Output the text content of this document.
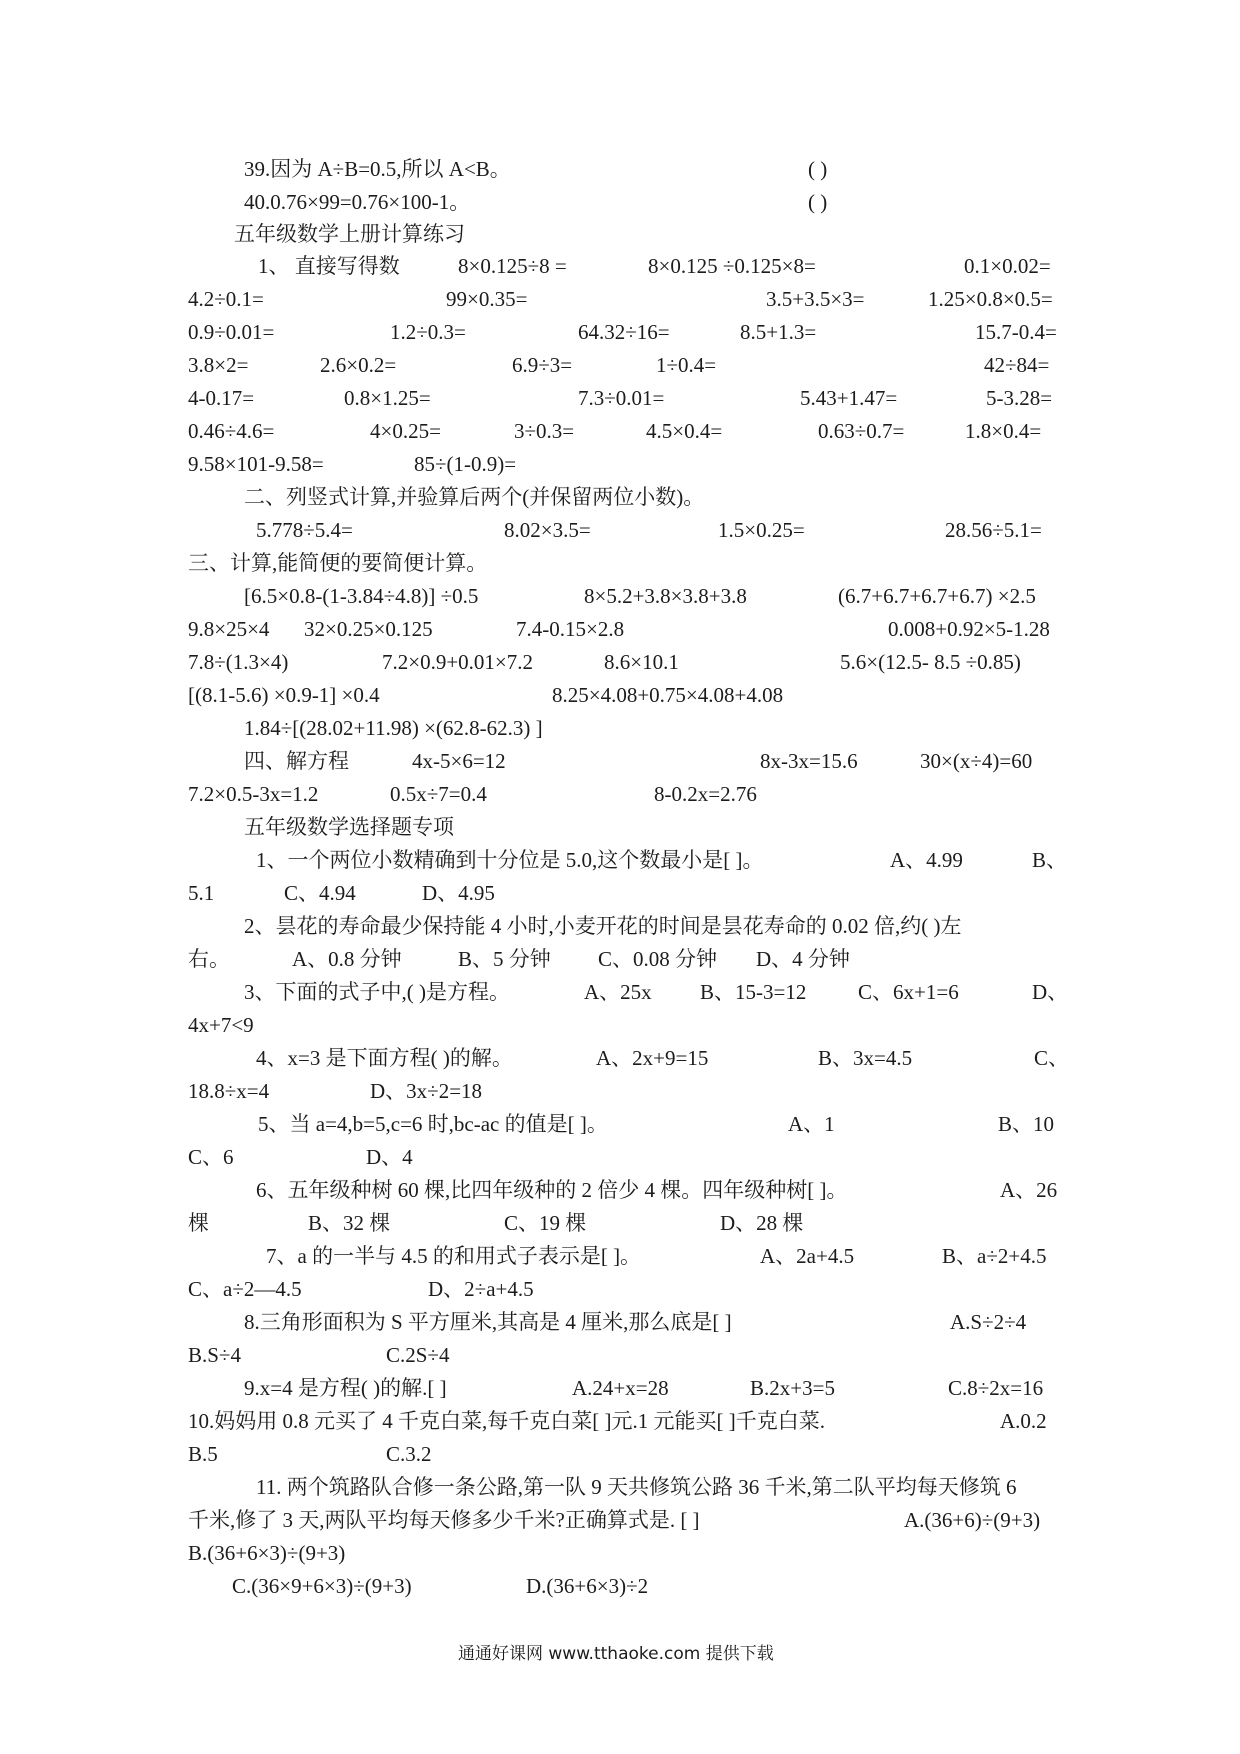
39.因为 A÷B=0.5,所以 A<B。	( )
40.0.76×99=0.76×100-1。	( )
五年级数学上册计算练习
1、 直接写得数	8×0.125÷8 =	8×0.125 ÷0.125×8=	0.1×0.02=
4.2÷0.1=	99×0.35=	3.5+3.5×3=	1.25×0.8×0.5=
0.9÷0.01=	1.2÷0.3=	64.32÷16=	8.5+1.3=	15.7-0.4=
3.8×2=	2.6×0.2=	6.9÷3=	1÷0.4=	42÷84=
4-0.17=	0.8×1.25=	7.3÷0.01=	5.43+1.47=	5-3.28=
0.46÷4.6=	4×0.25=	3÷0.3=	4.5×0.4=	0.63÷0.7=	1.8×0.4=
9.58×101-9.58=	85÷(1-0.9)=
二、列竖式计算,并验算后两个(并保留两位小数)。
5.778÷5.4=	8.02×3.5=	1.5×0.25=	28.56÷5.1=
三、计算,能简便的要简便计算。
[6.5×0.8-(1-3.84÷4.8)] ÷0.5	8×5.2+3.8×3.8+3.8	(6.7+6.7+6.7+6.7) ×2.5
9.8×25×4 32×0.25×0.125	7.4-0.15×2.8	0.008+0.92×5-1.28
7.8÷(1.3×4)	7.2×0.9+0.01×7.2	8.6×10.1	5.6×(12.5- 8.5 ÷0.85)
[(8.1-5.6) ×0.9-1] ×0.4	8.25×4.08+0.75×4.08+4.08
1.84÷[(28.02+11.98) ×(62.8-62.3) ]
四、解方程	4x-5×6=12	8x-3x=15.6	30×(x÷4)=60
7.2×0.5-3x=1.2	0.5x÷7=0.4	8-0.2x=2.76
五年级数学选择题专项
1、一个两位小数精确到十分位是 5.0,这个数最小是[ ]。	A、4.99	B、
5.1	C、4.94	D、4.95
2、昙花的寿命最少保持能 4 小时,小麦开花的时间是昙花寿命的 0.02 倍,约( )左
右。	A、0.8 分钟	B、5 分钟 C、0.08 分钟 D、4 分钟
3、下面的式子中,( )是方程。	A、25x B、15-3=12 C、6x+1=6	D、
4x+7<9
4、x=3 是下面方程( )的解。	A、2x+9=15	B、3x=4.5	C、
18.8÷x=4	D、3x÷2=18
5、当 a=4,b=5,c=6 时,bc-ac 的值是[ ]。	A、1	B、10
C、6	D、4
6、五年级种树 60 棵,比四年级种的 2 倍少 4 棵。四年级种树[ ]。	A、26
棵	B、32 棵	C、19 棵	D、28 棵
7、a 的一半与 4.5 的和用式子表示是[ ]。	A、2a+4.5	B、a÷2+4.5
C、a÷2—4.5	D、2÷a+4.5
8.三角形面积为 S 平方厘米,其高是 4 厘米,那么底是[ ]	A.S÷2÷4
B.S÷4	C.2S÷4
9.x=4 是方程( )的解.[ ]	A.24+x=28	B.2x+3=5	C.8÷2x=16
10.妈妈用 0.8 元买了 4 千克白菜,每千克白菜[ ]元.1 元能买[ ]千克白菜.	A.0.2
B.5	C.3.2
11. 两个筑路队合修一条公路,第一队 9 天共修筑公路 36 千米,第二队平均每天修筑 6
千米,修了 3 天,两队平均每天修多少千米?正确算式是. [ ]	A.(36+6)÷(9+3)
B.(36+6×3)÷(9+3)
C.(36×9+6×3)÷(9+3)	D.(36+6×3)÷2
通通好课网 www.tthaoke.com 提供下载
